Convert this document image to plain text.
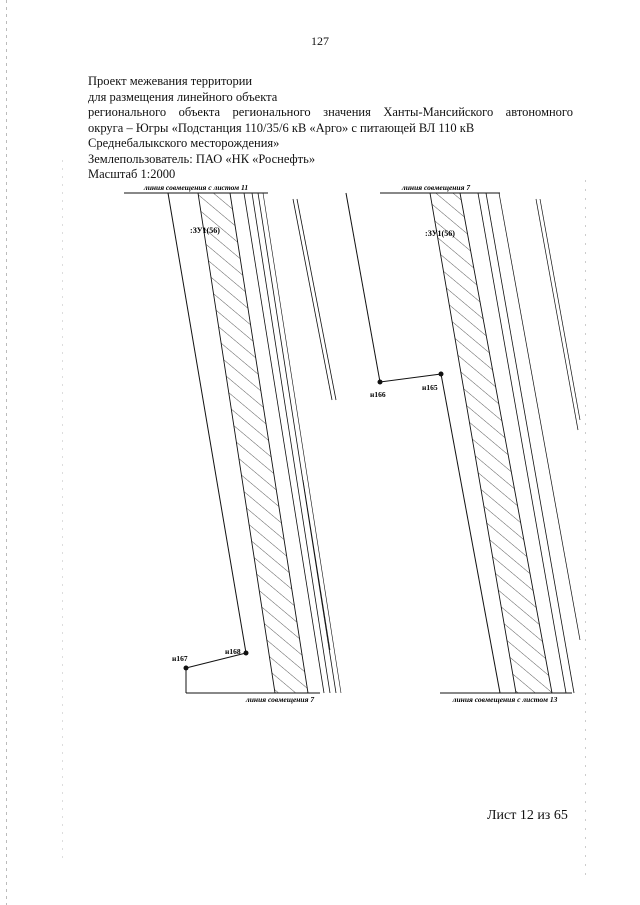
127
Проект межевания территории
для размещения линейного объекта
регионального объекта регионального значения Ханты-Мансийского автономного
округа – Югры «Подстанция 110/35/6 кВ «Арго» с питающей ВЛ 110 кВ
Среднебалыкского месторождения»
Землепользователь: ПАО «НК «Роснефть»
Масштаб 1:2000
линия совмещения с листом 11
н167
н168
:ЗУ1(56)
линия совмещения 7
линия совмещения 7
н166
н165
:ЗУ1(56)
линия совмещения с листом 13
Лист 12 из 65
